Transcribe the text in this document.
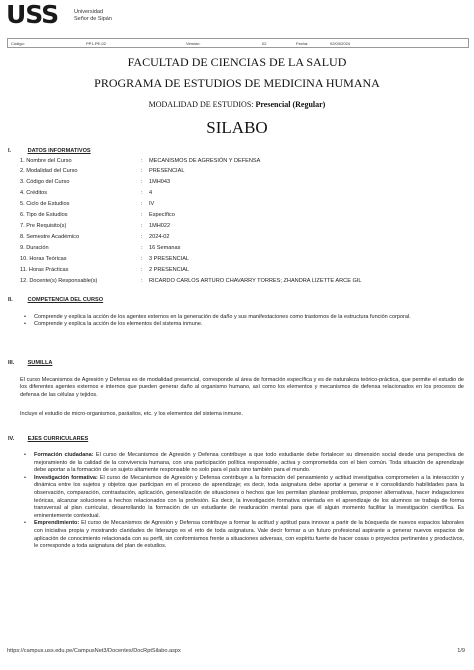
USS	Universidad
Señor de Sipán
Código:	PP1-PE-02	Versión:	02	Fecha:	02/03/2024
FACULTAD DE CIENCIAS DE LA SALUD
PROGRAMA DE ESTUDIOS DE MEDICINA HUMANA
MODALIDAD DE ESTUDIOS: Presencial (Regular)
SILABO
I.	DATOS INFORMATIVOS
1. Nombre del Curso	: MECANISMOS DE AGRESIÓN Y DEFENSA
2. Modalidad del Curso	: PRESENCIAL
3. Código del Curso	: 1MH043
4. Créditos	: 4
5. Ciclo de Estudios	: IV
6. Tipo de Estudios	: Específico
7. Pre Requisito(s)	: 1MH022
8. Semestre Académico	: 2024-02
9. Duración	: 16 Semanas
10. Horas Teóricas	: 3 PRESENCIAL
11. Horas Prácticas	: 2 PRESENCIAL
12. Docente(s) Responsable(s)	: RICARDO CARLOS ARTURO CHAVARRY TORRES; ZHANDRA LIZETTE ARCE GIL
II.	COMPETENCIA DEL CURSO
• Comprende y explica la acción de los agentes externos en la generación de daño y sus manifestaciones como trastornos de la estructura función corporal.
• Comprende y explica la acción de los elementos del sistema inmune.
III. SUMILLA

El curso Mecanismos de Agresión y Defensa es de modalidad presencial, corresponde al área de formación específica y es de naturaleza teórico-práctica, que permite el estudio de los diferentes agentes externos e internos que pueden generar daño al organismo humano, así como los elementos y mecanismos de defensa relacionados en los procesos de defensa de las células y tejidos.

Incluye el estudio de micro-organismos, parásitos, etc. y los elementos del sistema inmune.

IV. EJES CURRICULARES
• Formación ciudadana: El curso de Mecanismos de Agresión y Defensa contribuye a que todo estudiante debe fortalecer su dimensión social desde una perspectiva de mejoramiento de la calidad de la convivencia humana, con una participación política responsable, activa y comprometida con el bien común. Toda situación de aprendizaje debe aportar a la formación de un sujeto altamente responsable no solo para el país sino también para el mundo.
• Investigación formativa: El curso de Mecanismos de Agresión y Defensa contribuye a la formación del pensamiento y actitud investigativa comprometen a la interacción y dinámica entre los sujetos y objetos que participan en el proceso de aprendizaje; es decir, toda asignatura debe aportar a generar e ir consolidando habilidades para la observación, comparación, contrastación, aplicación, generalización de situaciones o hechos que les permitan plantear problemas, proponer alternativas, hacer indagaciones teóricas, alcanzar soluciones a hechos relacionados con la profesión. Es decir, la investigación formativa orientada en el aprendizaje de los alumnos se trabaja de forma transversal al plan curricular, desarrollando la formación de un estudiante de readuración mental para que él alguin momento facilitar la investigación científica. Es eminentemente contextual.
• Emprendimiento: El curso de Mecanismos de Agresión y Defensa contribuye a formar la actitud y aptitud para innovar a partir de la búsqueda de nuevos espacios laborales con iniciativa propia y mostrando claridades de liderazgo es el reto de toda asignatura. Vale decir formar a un futuro profesional aspirante a generar nuevos espacios de aplicación de conocimiento relacionada con su perfil, sin conformismos frente a situaciones adversas, con espíritu fuerte de hacer cosas o proyectos pertinentes y productivos, le corresponde a toda asignatura del plan de estudios.
https://campus.uss.edu.pe/CampusNet3/Docentes/DocRptSilabo.aspx	1/9
